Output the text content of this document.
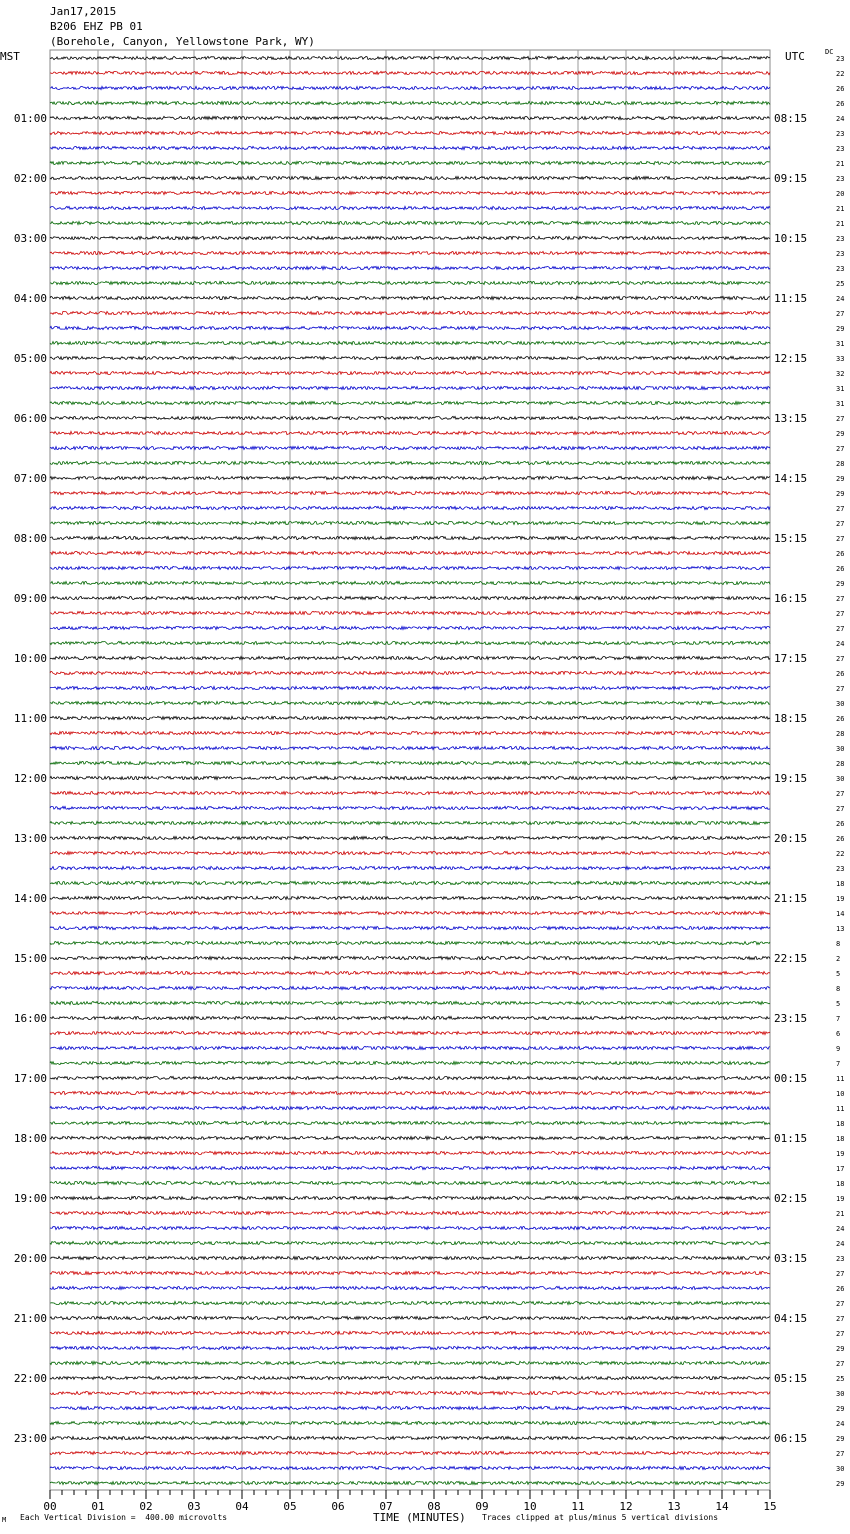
Jan17,2015
B206 EHZ PB 01
(Borehole, Canyon, Yellowstone Park, WY)
MST	UTC	DC
01:00
02:00
03:00
04:00
05:00
06:00
07:00
08:00
09:00
10:00
11:00
12:00
13:00
14:00
15:00
16:00
17:00
18:00
19:00
20:00
21:00
22:00
23:00
08:15
09:15
10:15
11:15
12:15
13:15
14:15
15:15
16:15
17:15
18:15
19:15
20:15
21:15
22:15
23:15
00:15
01:15
02:15
03:15
04:15
05:15
06:15
23
22
26
26
24
23
23
21
23
20
21
21
23
23
23
25
24
27
29
31
33
32
31
31
27
29
27
28
29
29
27
27
27
26
26
29
27
27
27
24
27
26
27
30
26
28
30
28
30
27
27
26
26
22
23
18
19
14
13
8
2
5
8
5
7
6
9
7
11
10
11
18
18
19
17
18
19
21
24
24
23
27
26
27
27
27
29
27
25
30
29
24
29
27
30
29
00	01	02	03	04	05	06	07	08	09	10	11	12	13	14	15
M Each Vertical Division =  400.00 microvolts	TIME (MINUTES) Traces clipped at plus/minus 5 vertical divisions
